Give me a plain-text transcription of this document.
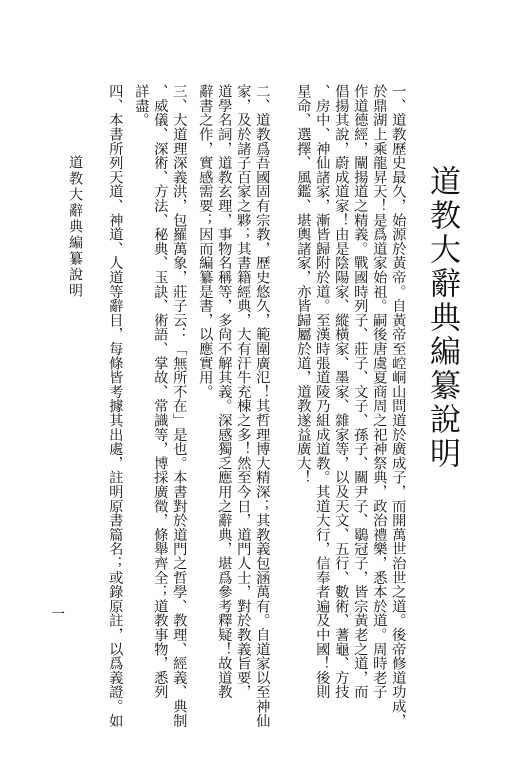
道教大辭典編纂說明
一、道教歷史最久，始源於黃帝。自黃帝至崆峒山問道於廣成子，而開萬世治世之道。後帝修道功成，
於鼎湖上乘龍昇天！是爲道家始祖。嗣後唐虞夏商周之祀神祭典，政治禮樂，悉本於道。周時老子
作道德經，闡揚道之精義。戰國時列子、莊子、文子、孫子、關尹子、鶡冠子，皆宗黃老之道，而
倡揚其說，蔚成道家！由是陰陽家、縱橫家、墨家、雜家等，以及天文、五行、數術、蓍龜、方技
、房中、神仙諸家，漸皆歸附於道。至漢時張道陵乃組成道教。其道大行，信奉者遍及中國！後則
星命、選擇、風鑑、堪輿諸家，亦皆歸屬於道，道教遂益廣大！
二、道教爲吾國固有宗教，歷史悠久，範圍廣氾！其哲理博大精深；其教義包涵萬有。自道家以至神仙
家，及於諸子百家之夥；其書籍經典，大有汗牛充棟之多！然至今日，道門人士，對於教義旨要，
道學名詞，道教玄理，事物名稱等，多尙不解其義。深感獨乏應用之辭典，堪爲參考釋疑！故道教
辭書之作，實感需要；因而編纂是書，以應實用。
三、大道理深義洪，包羅萬象，莊子云：「無所不在」是也。本書對於道門之哲學、教理、經義、典制
、威儀、深術、方法、秘典、玉訣、術語、掌故、常識等，博採廣徵，條舉齊全；道教事物，悉列
詳盡。
四、本書所列天道、神道、人道等辭目，每條皆考據其出處，註明原書篇名；或錄原註，以爲義證。如
道教大辭典編纂說明
一
